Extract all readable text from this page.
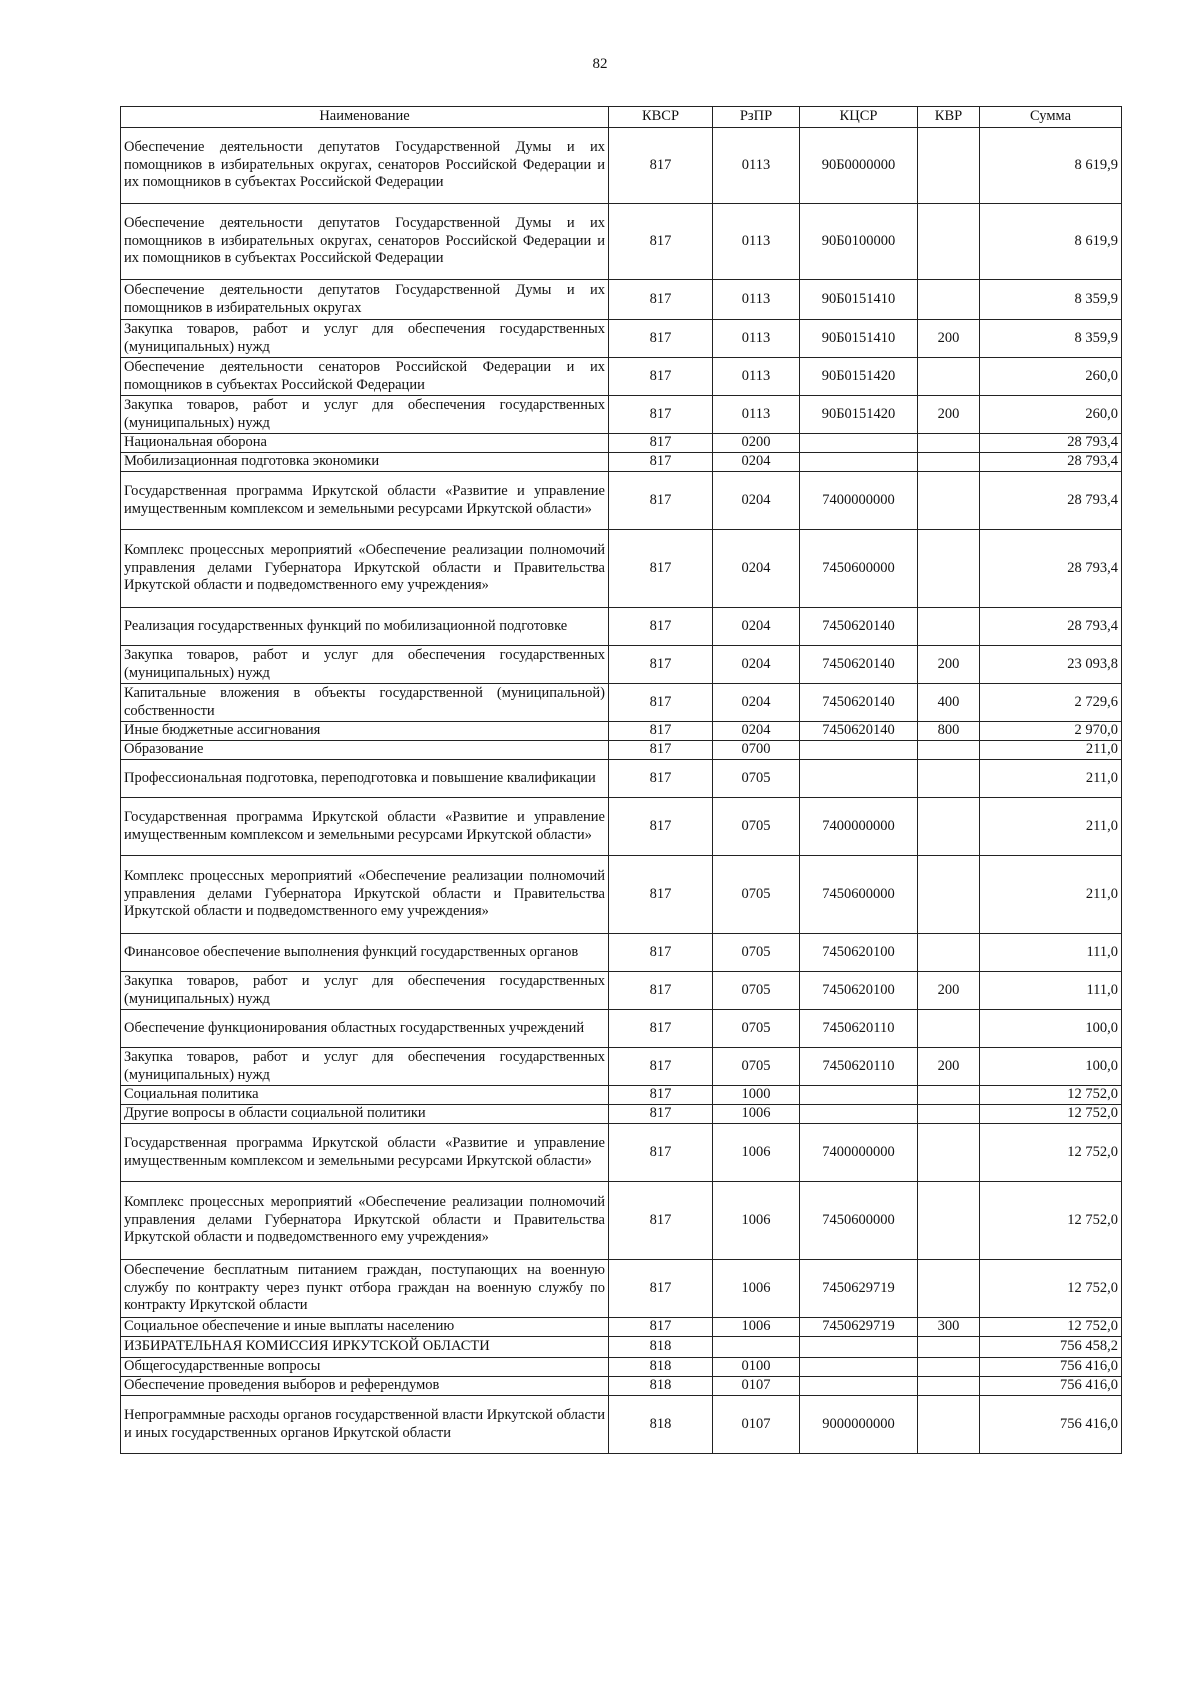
82
Наименование	КВСР	РзПР	КЦСР	КВР	Сумма
Обеспечение деятельности депутатов Государственной Думы и их помощников в избирательных округах, сенаторов Российской Федерации и их помощников в субъектах Российской Федерации	817	0113	90Б0000000		8 619,9
Обеспечение деятельности депутатов Государственной Думы и их помощников в избирательных округах, сенаторов Российской Федерации и их помощников в субъектах Российской Федерации	817	0113	90Б0100000		8 619,9
Обеспечение деятельности депутатов Государственной Думы и их помощников в избирательных округах	817	0113	90Б0151410		8 359,9
Закупка товаров, работ и услуг для обеспечения государственных (муниципальных) нужд	817	0113	90Б0151410	200	8 359,9
Обеспечение деятельности сенаторов Российской Федерации и их помощников в субъектах Российской Федерации	817	0113	90Б0151420		260,0
Закупка товаров, работ и услуг для обеспечения государственных (муниципальных) нужд	817	0113	90Б0151420	200	260,0
Национальная оборона	817	0200			28 793,4
Мобилизационная подготовка экономики	817	0204			28 793,4
Государственная программа Иркутской области «Развитие и управление имущественным комплексом и земельными ресурсами Иркутской области»	817	0204	7400000000		28 793,4
Комплекс процессных мероприятий «Обеспечение реализации полномочий управления делами Губернатора Иркутской области и Правительства Иркутской области и подведомственного ему учреждения»	817	0204	7450600000		28 793,4
Реализация государственных функций по мобилизационной подготовке	817	0204	7450620140		28 793,4
Закупка товаров, работ и услуг для обеспечения государственных (муниципальных) нужд	817	0204	7450620140	200	23 093,8
Капитальные вложения в объекты государственной (муниципальной) собственности	817	0204	7450620140	400	2 729,6
Иные бюджетные ассигнования	817	0204	7450620140	800	2 970,0
Образование	817	0700			211,0
Профессиональная подготовка, переподготовка и повышение квалификации	817	0705			211,0
Государственная программа Иркутской области «Развитие и управление имущественным комплексом и земельными ресурсами Иркутской области»	817	0705	7400000000		211,0
Комплекс процессных мероприятий «Обеспечение реализации полномочий управления делами Губернатора Иркутской области и Правительства Иркутской области и подведомственного ему учреждения»	817	0705	7450600000		211,0
Финансовое обеспечение выполнения функций государственных органов	817	0705	7450620100		111,0
Закупка товаров, работ и услуг для обеспечения государственных (муниципальных) нужд	817	0705	7450620100	200	111,0
Обеспечение функционирования областных государственных учреждений	817	0705	7450620110		100,0
Закупка товаров, работ и услуг для обеспечения государственных (муниципальных) нужд	817	0705	7450620110	200	100,0
Социальная политика	817	1000			12 752,0
Другие вопросы в области социальной политики	817	1006			12 752,0
Государственная программа Иркутской области «Развитие и управление имущественным комплексом и земельными ресурсами Иркутской области»	817	1006	7400000000		12 752,0
Комплекс процессных мероприятий «Обеспечение реализации полномочий управления делами Губернатора Иркутской области и Правительства Иркутской области и подведомственного ему учреждения»	817	1006	7450600000		12 752,0
Обеспечение бесплатным питанием граждан, поступающих на военную службу по контракту через пункт отбора граждан на военную службу по контракту Иркутской области	817	1006	7450629719		12 752,0
Социальное обеспечение и иные выплаты населению	817	1006	7450629719	300	12 752,0
ИЗБИРАТЕЛЬНАЯ КОМИССИЯ ИРКУТСКОЙ ОБЛАСТИ	818				756 458,2
Общегосударственные вопросы	818	0100			756 416,0
Обеспечение проведения выборов и референдумов	818	0107			756 416,0
Непрограммные расходы органов государственной власти Иркутской области и иных государственных органов Иркутской области	818	0107	9000000000		756 416,0
